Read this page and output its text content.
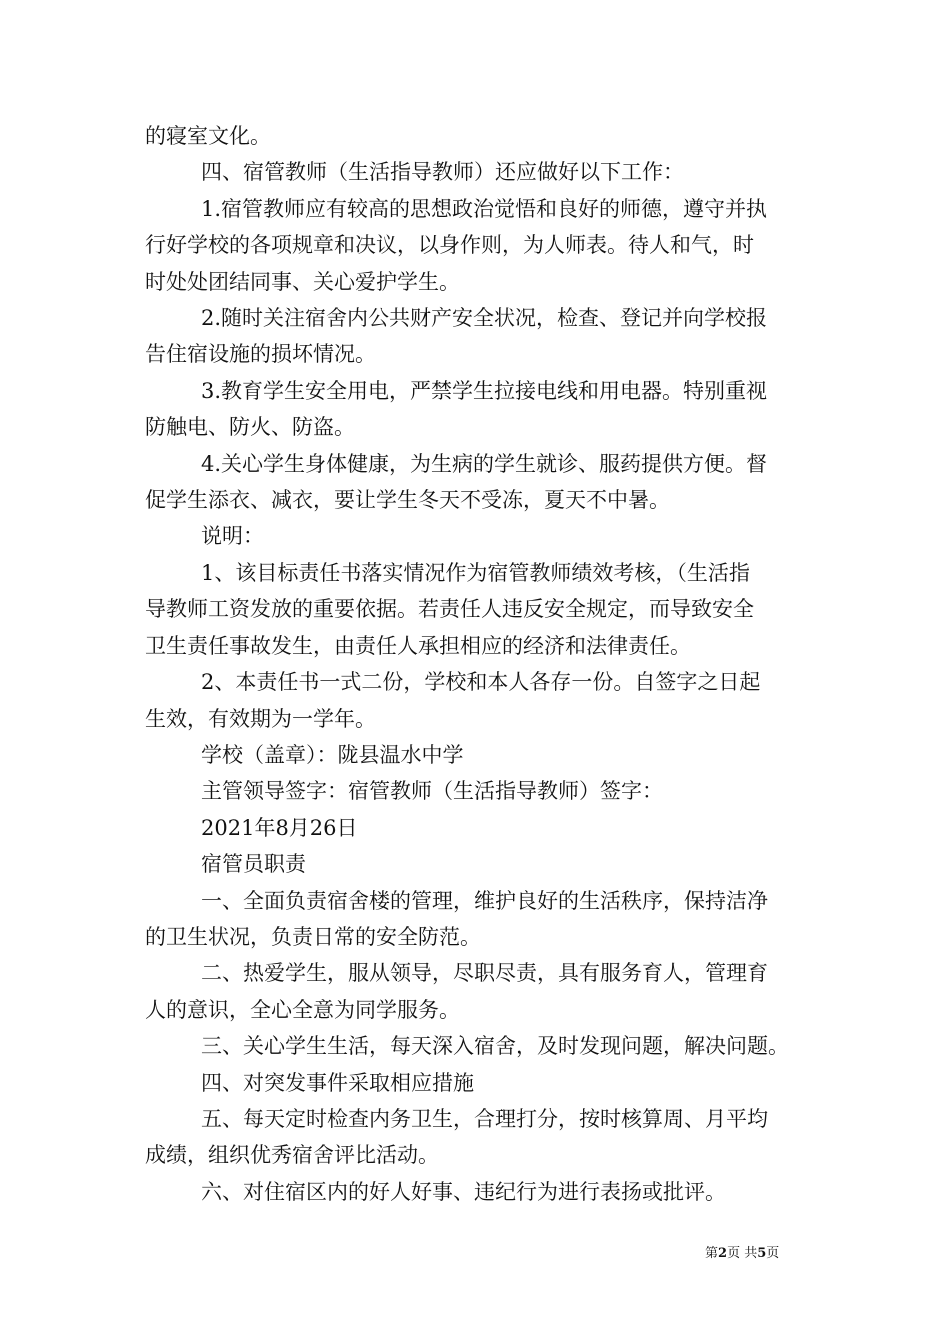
的寝室文化。

四、宿管教师（生活指导教师）还应做好以下工作：

1.宿管教师应有较高的思想政治觉悟和良好的师德，遵守并执

行好学校的各项规章和决议，以身作则，为人师表。待人和气，时

时处处团结同事、关心爱护学生。

2.随时关注宿舍内公共财产安全状况，检查、登记并向学校报

告住宿设施的损坏情况。

3.教育学生安全用电，严禁学生拉接电线和用电器。特别重视

防触电、防火、防盗。

4.关心学生身体健康，为生病的学生就诊、服药提供方便。督

促学生添衣、减衣，要让学生冬天不受冻，夏天不中暑。

说明：

1、该目标责任书落实情况作为宿管教师绩效考核，（生活指

导教师工资发放的重要依据。若责任人违反安全规定，而导致安全

卫生责任事故发生，由责任人承担相应的经济和法律责任。

2、本责任书一式二份，学校和本人各存一份。自签字之日起

生效，有效期为一学年。

学校（盖章）：陇县温水中学

主管领导签字：宿管教师（生活指导教师）签字：

2021年8月26日

宿管员职责

一、全面负责宿舍楼的管理，维护良好的生活秩序，保持洁净

的卫生状况，负责日常的安全防范。

二、热爱学生，服从领导，尽职尽责，具有服务育人，管理育

人的意识，全心全意为同学服务。

三、关心学生生活，每天深入宿舍，及时发现问题，解决问题。

四、对突发事件采取相应措施

五、每天定时检查内务卫生，合理打分，按时核算周、月平均

成绩，组织优秀宿舍评比活动。

六、对住宿区内的好人好事、违纪行为进行表扬或批评。

第2页 共5页
